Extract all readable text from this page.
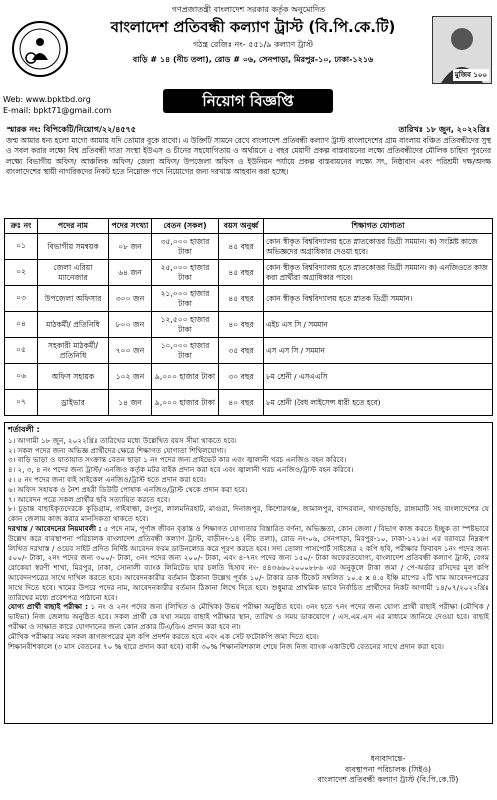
গণপ্রজাতন্ত্রী বাংলাদেশ সরকার কর্তৃক অনুমোদিত
বাংলাদেশ প্রতিবন্ধী কল্যাণ ট্রাস্ট (বি.পি.কে.টি)
গঠন্ত্র রেজিঃ নং- ৫৫১/৯ কল্যাণ ট্রাস্ট
বাড়ি # ১৪ (নীচ তলা), রোড # ০৬, সেনপাড়া, মিরপুর-১০, ঢাকা-১২১৬
মুজিব ১০০
Web: www.bpktbd.org
E-mail: bpkt71@gmail.com
নিয়োগ বিজ্ঞপ্তি
স্মারক নং: বিপিকেটি/নিয়োগ/২২/৪৫৭৫	তারিখঃ ১৮ জুন, ২০২২খ্রিঃ
জন্ম আমার ধন্য হলো মাগো আমায় যদি তোমার বুকে রাখো। এ উক্তিটি সামনে রেখে বাংলাদেশ প্রতিবন্ধী কল্যাণ ট্রাস্ট বাংলাদেশের গ্রাম বাংলায় বঞ্চিত প্রতিবন্ধীদের সুস্থ ও সবল করার লক্ষ্যে বিশ্ব প্রতিবন্ধী দাতা সংস্থা ইউএস ও চীনের সহযোগিতায় ও অর্থায়নে ৫ বছর মেয়াদী প্রকল্প বাস্তবায়নের লক্ষ্যে প্রতিবন্ধীদের মৌলিক চাহিদা পুরনের লক্ষ্যে বিভাগীয় অফিস/ আঞ্চলিক অফিস/ জেলা অফিস/ উপজেলা অফিস ও ইউনিয়ন পর্যায়ে প্রকল্প বাস্তবায়নের লক্ষ্যে সৎ, নিষ্ঠাবান এবং পরিশ্রমী দক্ষ/অদক্ষ বাংলাদেশের স্থায়ী নাগরিকদের নিকট হতে নিম্নোক্ত পদে নিয়োগের জন্য দরখাস্ত আহবান করা হচ্ছে।
ক্রঃ নং	পদের নাম	পদের সংখ্যা	বেতন (সকল)	বয়স অনুর্ধ্ব	শিক্ষাগত যোগ্যতা
০১	বিভাগীয় সমন্বয়ক	০৮ জন	৩৫,০০০ হাজার টাকা	৪৫ বছর	কোন স্বীকৃত বিশ্ববিদ্যালয় হতে স্নাতকোত্তর ডিগ্রী সমমান। ক) সংশ্লিষ্ট কাজে অভিজ্ঞদের অগ্রাধিকার দেওয়া হবে।
০২	জেলা এরিয়া ম্যানেজার	৬৪ জন	২৫,০০০ হাজার টাকা	৪৫ বছর	কোন স্বীকৃত বিশ্ববিদ্যালয় হতে স্নাতকোত্তর ডিগ্রী সমমান। ক) এনজিওতে কাজ করা প্রার্থীরা অগ্রাধিকার পাবে।
০৩	উপজেলা অফিসার	৩০০ জন	২১,০০০ হাজার টাকা	৪৫ বছর	কোন স্বীকৃত বিশ্ববিদ্যালয় হতে স্নাতক ডিগ্রী সমমান।
০৪	মাঠকর্মী/ প্রতিনিধি	৮০০ জন	১২,৫০০ হাজার টাকা	৪০ বছর	এইচ এস সি / সমমান
০৫	সহকারী মাঠকর্মী/ প্রতিনিধি	৭০০ জন	১০,০০০ হাজার টাকা	৩৫ বছর	এস এস সি / সমমান
০৬	অফিস সহায়ক	১০২ জন	৯,০০০ হাজার টাকা	৩০ বছর	৮ম শ্রেনী / এসএএসি
০৭	ড্রাইভার	১৪ জন	৯,০০০ হাজার টাকা	৪০ বছর	৮ম শ্রেনী (বৈধ লাইসেন্স ধারী হতে হবে)
শর্তাবলী :

১। আগামী ১৮ জুন, ২০২২খ্রিঃ তারিখের মধ্যে উল্লেখিত বয়স সীমা থাকতে হবে।

২। সকল পদের জন্য অভিজ্ঞ প্রার্থীদের ক্ষেত্রে শিক্ষাগত যোগ্যতা শিথিলযোগ্য।

৩। বাড়ি ভাড়া ও যাতায়াত সংক্রান্ত বেতন ছাড়া ১ নং পদের জন্য প্রাইভেট কার এবং জ্বালানী খরচ এনজিও বহন করিবে।

৪। ২, ৩, ৪ নং পদের জন্য ট্রাস্ট/ এনজিও কর্তৃক মটর বাইক প্রদান করা হবে এবং জ্বালানী খরচ এনজিও/ট্রাস্ট বহন করিবে।

৫। ৫ নং পদের জন্য বাই সাইকেল এনজিও/ট্রাস্ট হতে প্রদান করা হবে।

৬। অফিস সহায়ক ও নৈশ প্রহরী ডিউটি পোষাক এনজিও/ট্রাস্ট থেকে প্রদান করা হবে।

৭। আবেদন পত্রে সকল প্রার্থীর ছবি সত্যায়িত করতে হবে।

৮। চূড়ান্ত বাছাইকৃতদেরকে কুড়িগ্রাম, গাইবান্ধা, রংপুর, লালমনিরহাট, মাগুরা, দিনাজপুর, কিশোরগঞ্জ, জামালপুর, বান্দরবান, খাগড়াছড়ি, রাঙ্গামাটি সহ বাংলাদেশের যে কোন জেলায় কাজ করার মানসিকতা থাকতে হবে।

দরখাস্ত / আবেদনের নিয়মাবলী : ৫ পদে নাম, পূর্ণাঙ্গ জীবন বৃত্তান্ত ও শিক্ষাগত যোগ্যতার বিস্তারিত বর্ণনা, অভিজ্ঞতা, কোন জেলা / বিভাগ কাজ করতে ইচ্ছুক তা স্পষ্টভাবে উল্লেখ করে ব্যবস্থাপনা পরিচালক বাংলাদেশ প্রতিবন্ধী কল্যাণ ট্রাস্ট, বাড়ীনং-১৪ (নীচ তলা), রোড নং-০৬, সেনপাড়া, মিরপুর-১০, ঢাকা-১২১৬। এর বরাবরে নিম্নরূপ লিখিত দরখাস্ত / ওয়েব সাইট প্রদিত নির্দিষ্ট আবেদন ফরম ডাউনলোড করে পূরণ করতে হবে। সদ্য তোলা পাসপোর্ট সাইজের ২ কপি ছবি, পরীক্ষার ফিবাবদ ১নং পদের জন্য ৫০০/- টাকা, ২নং পদের জন্য ৩০০/- টাকা, ৩নং পদের জন্য ২০০/- টাকা, এবং ৪-৭নং পদের জন্য ১৫০/- টাকা অফেরতযোগ্য, বাংলাদেশ প্রতিবন্ধী কল্যাণ ট্রাস্ট, বেগম রোকেয়া স্বরণী শাখা, মিরপুর, ঢাকা, সোনালী ব্যাংক লিমিটেড যার চলতি হিসাব নং- ৪৪৩৬৬০২০০০৮৮৬ এর অনুকূলে টাকা জমা / পে-অর্ডার রসিদের মূল কপি আবেদনপত্রের সাথে দাখিল করতে হবে। আবেদনকারীর বর্তমান ঠিকানা উল্লেখ পূর্বক ১০/- টাকার ডাক টিকেট সম্বলিত ১০.৫ x ৪.৫ ইঞ্চি মাপের ২টি খাম আবেদনপত্রের সাথে দিতে হবে। খামের উপরে পদের নাম, আবেদনকারীর বর্তমান ঠিকানা লিখে দিতে হবে। শুধুমাত্র প্রাথমিক ভাবে নির্বাচিত প্রার্থীদের নিকট আগামী ১৪/০৭/২০২২খ্রিঃ তারিখের মধ্যে প্রবেশপত্র পাঠানো হবে।

যোগ্য প্রার্থী বাছাই পরীক্ষা : ১ নং ও ২নং পদের জন্য (লিখিত ও মৌখিক) উভয় পরীক্ষা অনুষ্ঠিত হবে। ৩নং হতে ৭নং পদের জন্য যোগ্য প্রার্থী বাছাই পরীক্ষা (মৌখিক / ভাইভা) নিজ জেলায় অনুষ্ঠিত হবে। সকল প্রার্থী কে যথা সময়ে বাছাই পরীক্ষার স্থান, তারিখ ও সময় ডাকযোগে / এস.এম.এস এর মাধ্যমে জানিয়ে দেওয়া হবে। বাছাই পরীক্ষা ও সাক্ষাত কারে যোগদানের জন্য কোন প্রকার টিএ/ডিএ প্রদান করা হবে না।

মৌখিক পরীক্ষার সময় সকল কাগজপত্রের মূল কপি প্রদর্শন করতে হবে এবং এক সেট ফটোকপি জমা দিতে হবে।

শিক্ষানবীশকালে (৩ মাস বেতনের ৭০ % হারে প্রদান করা হবে) বাকী ৩০% শিক্ষানবিশকাল শেষে নিজ নিজ ব্যাংক একাউন্টে বেতনের সাথে প্রদান করা হবে।

ধন্যবাদান্তে-
ব্যবস্থাপনা পরিচালক (সিইও)
বাংলাদেশ প্রতিবন্ধী কল্যাণ ট্রাস্ট (বি.পি.কে.টি)
